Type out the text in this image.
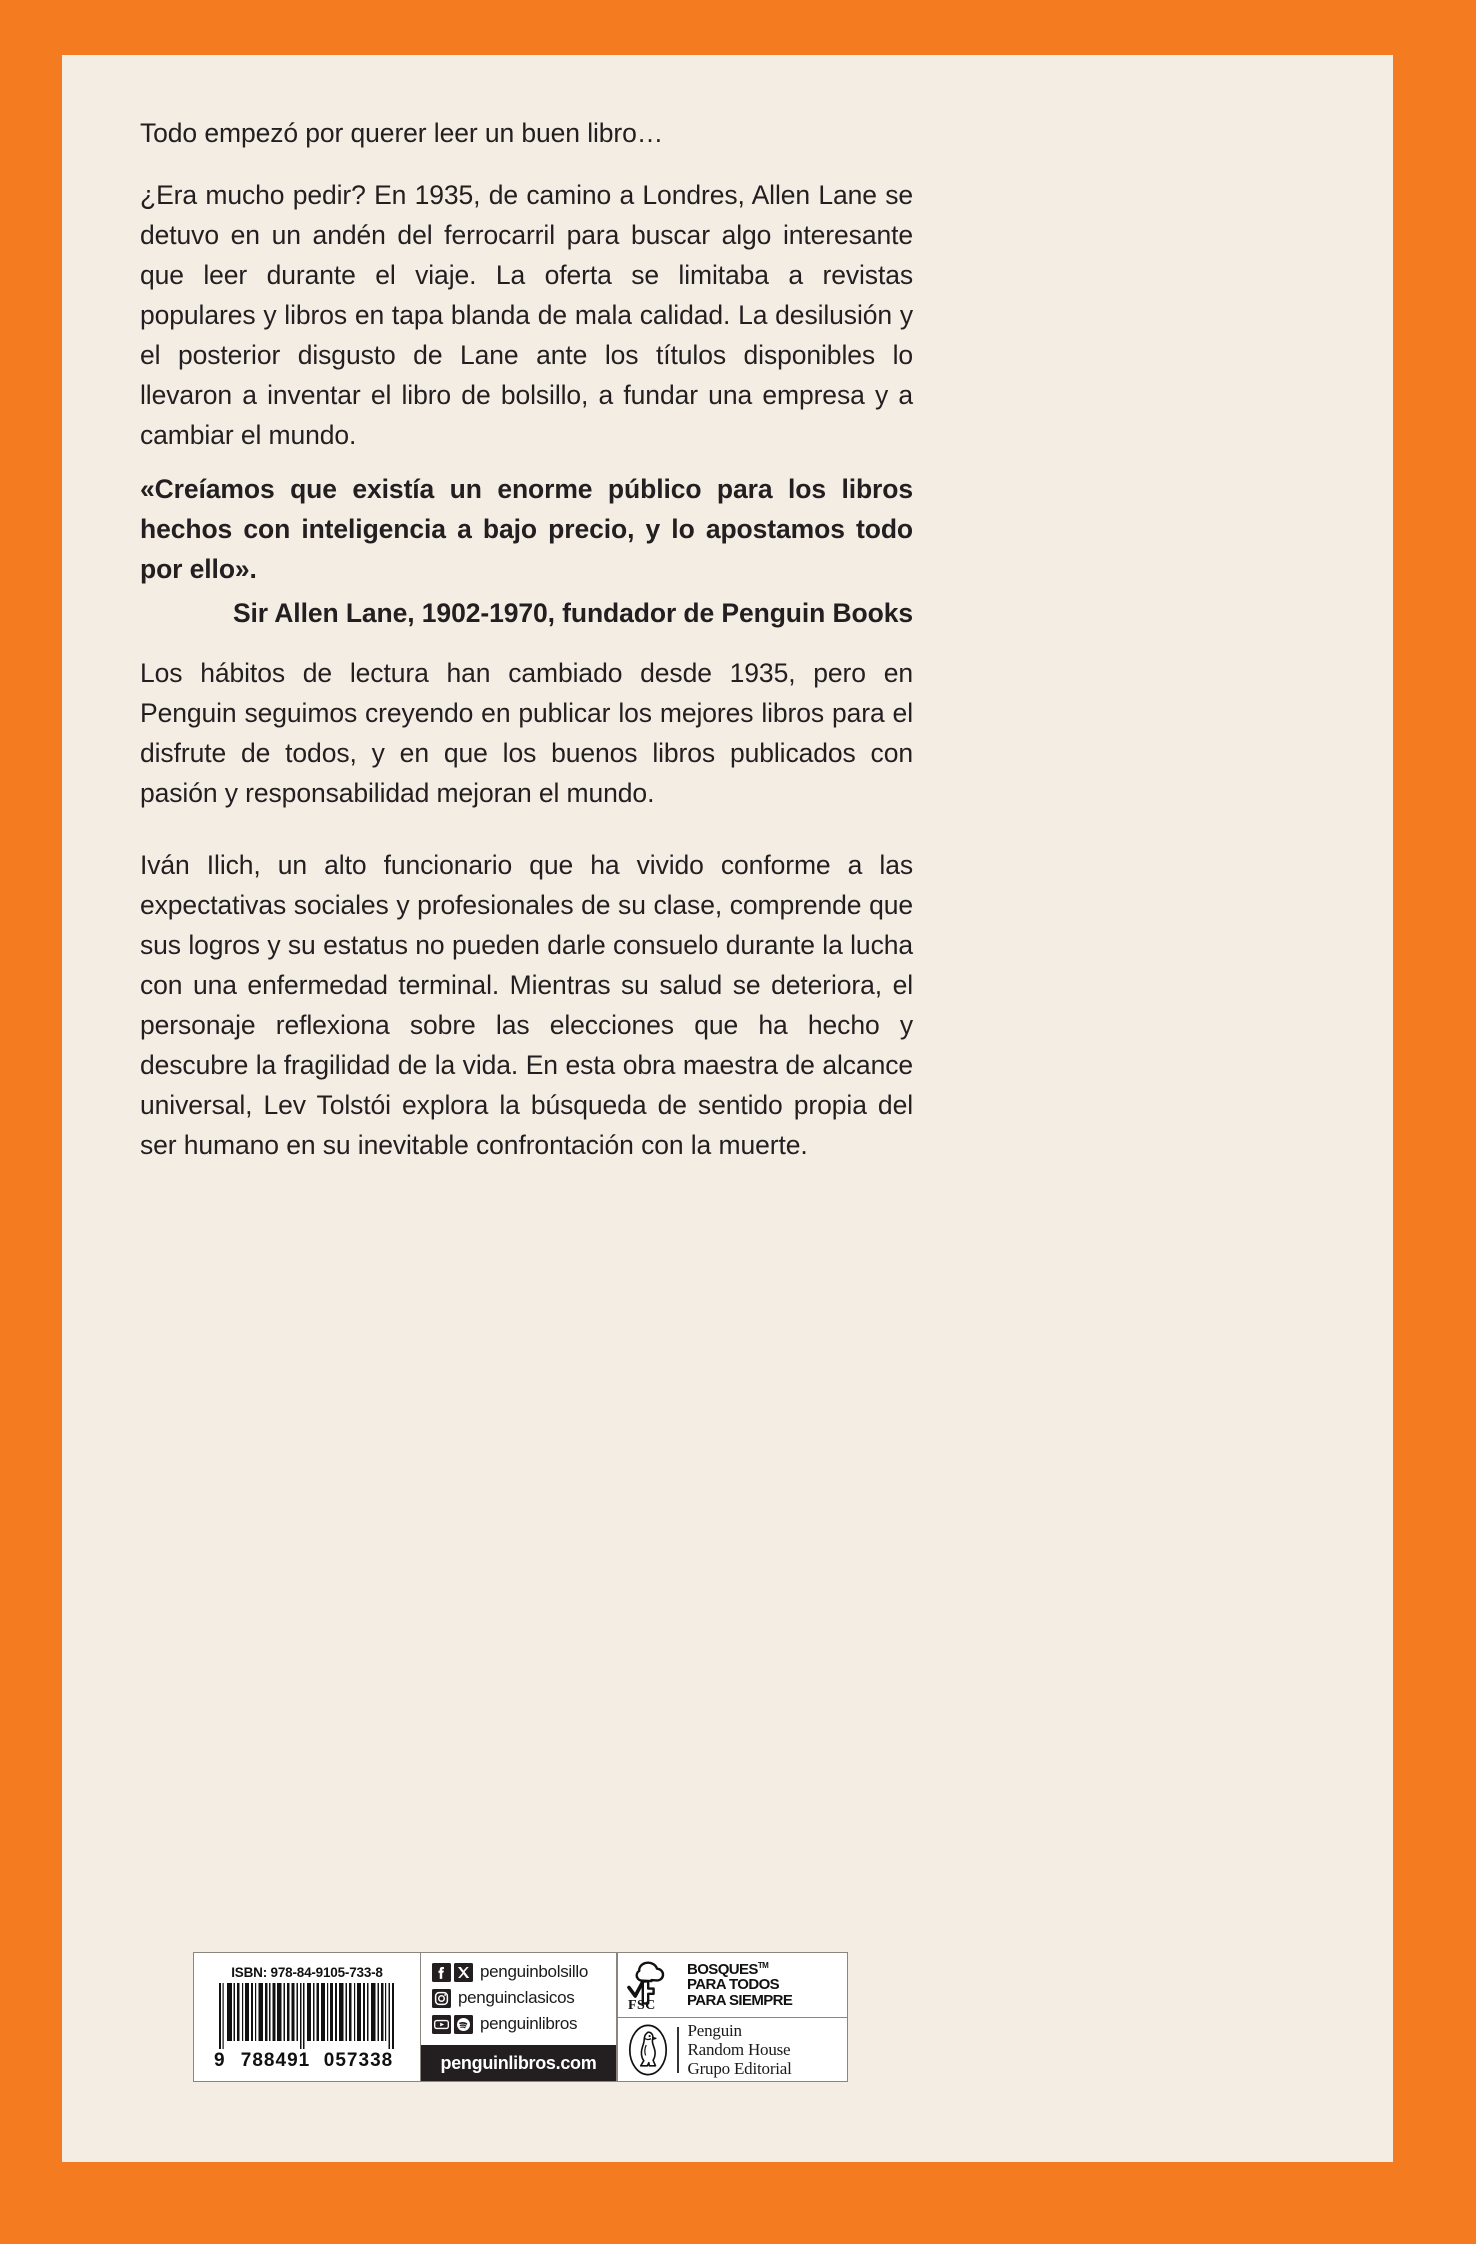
Todo empezó por querer leer un buen libro…

¿Era mucho pedir? En 1935, de camino a Londres, Allen Lane se detuvo en un andén del ferrocarril para buscar algo interesante que leer durante el viaje. La oferta se limitaba a revistas populares y libros en tapa blanda de mala calidad. La desilusión y el posterior disgusto de Lane ante los títulos disponibles lo llevaron a inventar el libro de bolsillo, a fundar una empresa y a cambiar el mundo.

«Creíamos que existía un enorme público para los libros hechos con inteligencia a bajo precio, y lo apostamos todo por ello».

Sir Allen Lane, 1902-1970, fundador de Penguin Books

Los hábitos de lectura han cambiado desde 1935, pero en Penguin seguimos creyendo en publicar los mejores libros para el disfrute de todos, y en que los buenos libros publicados con pasión y responsabilidad mejoran el mundo.

Iván Ilich, un alto funcionario que ha vivido conforme a las expectativas sociales y profesionales de su clase, comprende que sus logros y su estatus no pueden darle consuelo durante la lucha con una enfermedad terminal. Mientras su salud se deteriora, el personaje reflexiona sobre las elecciones que ha hecho y descubre la fragilidad de la vida. En esta obra maestra de alcance universal, Lev Tolstói explora la búsqueda de sentido propia del ser humano en su inevitable confrontación con la muerte.

ISBN: 978-84-9105-733-8
9 788491 057338
penguinbolsillo
penguinclasicos
penguinlibros
penguinlibros.com
FSC
BOSQUES™
PARA TODOS
PARA SIEMPRE
Penguin
Random House
Grupo Editorial
